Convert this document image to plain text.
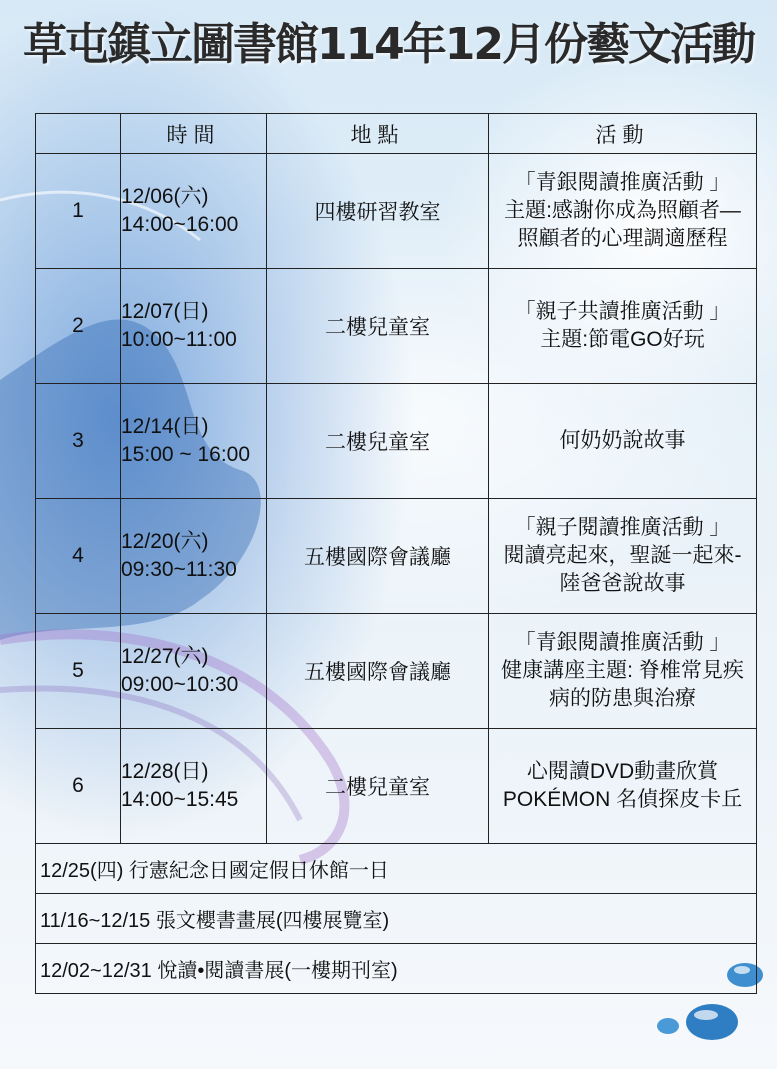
草屯鎮立圖書館114年12月份藝文活動
	時間	地點	活動
1	12/06(六)
14:00~16:00	四樓研習教室	「青銀閱讀推廣活動 」
主題:感謝你成為照顧者—
照顧者的心理調適歷程

2	12/07(日)
10:00~11:00	二樓兒童室	「親子共讀推廣活動 」
主題:節電GO好玩

3	12/14(日)
15:00 ~ 16:00	二樓兒童室	何奶奶說故事

4	12/20(六)
09:30~11:30	五樓國際會議廳	「親子閱讀推廣活動 」
閱讀亮起來，聖誕一起來-
陸爸爸說故事

5	12/27(六)
09:00~10:30	五樓國際會議廳	「青銀閱讀推廣活動 」
健康講座主題: 脊椎常見疾
病的防患與治療

6	12/28(日)
14:00~15:45	二樓兒童室	心閱讀DVD動畫欣賞
POKÉMON 名偵探皮卡丘

12/25(四) 行憲紀念日國定假日休館一日			
11/16~12/15 張文櫻書畫展(四樓展覽室)			
12/02~12/31 悅讀•閱讀書展(一樓期刊室)			
